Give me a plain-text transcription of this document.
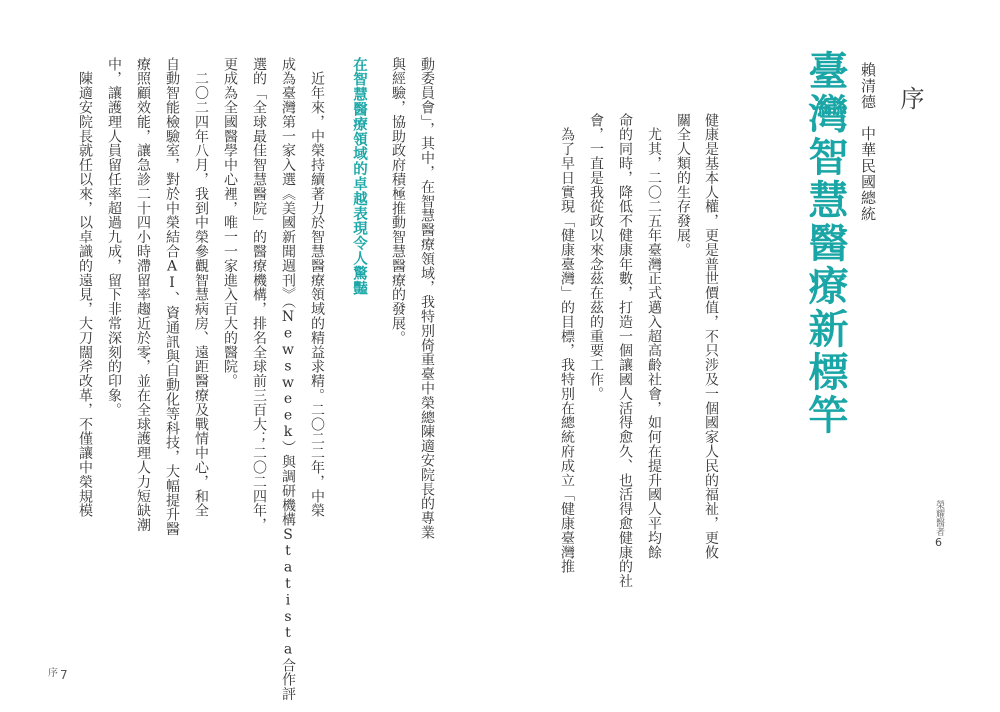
序
賴清德中華民國總統
臺灣智慧醫療新標竿
榮耀醫者
6
健康是基本人權，更是普世價值，不只涉及一個國家人民的福祉，更攸
關全人類的生存發展。
　尤其，二〇二五年臺灣正式邁入超高齡社會，如何在提升國人平均餘
命的同時，降低不健康年數，打造一個讓國人活得愈久、也活得愈健康的社
會，一直是我從政以來念茲在茲的重要工作。
　為了早日實現「健康臺灣」的目標，我特別在總統府成立「健康臺灣推
動委員會」，其中，在智慧醫療領域，我特別倚重臺中榮總陳適安院長的專業
與經驗，協助政府積極推動智慧醫療的發展。
在智慧醫療領域的卓越表現令人驚豔
　近年來，中榮持續著力於智慧醫療領域的精益求精。二〇二二年，中榮
成為臺灣第一家入選《美國新聞週刊》（Newsweek）與調研機構Statista合作評
選的「全球最佳智慧醫院」的醫療機構，排名全球前三百大；二〇二四年，
更成為全國醫學中心裡，唯一一家進入百大的醫院。
　二〇二四年八月，我到中榮參觀智慧病房、遠距醫療及戰情中心，和全
自動智能檢驗室，對於中榮結合AI、資通訊與自動化等科技，大幅提升醫
療照顧效能，讓急診二十四小時滯留率趨近於零，並在全球護理人力短缺潮
中，讓護理人員留任率超過九成，留下非常深刻的印象。
　陳適安院長就任以來，以卓識的遠見，大刀闊斧改革，不僅讓中榮規模
序 7
